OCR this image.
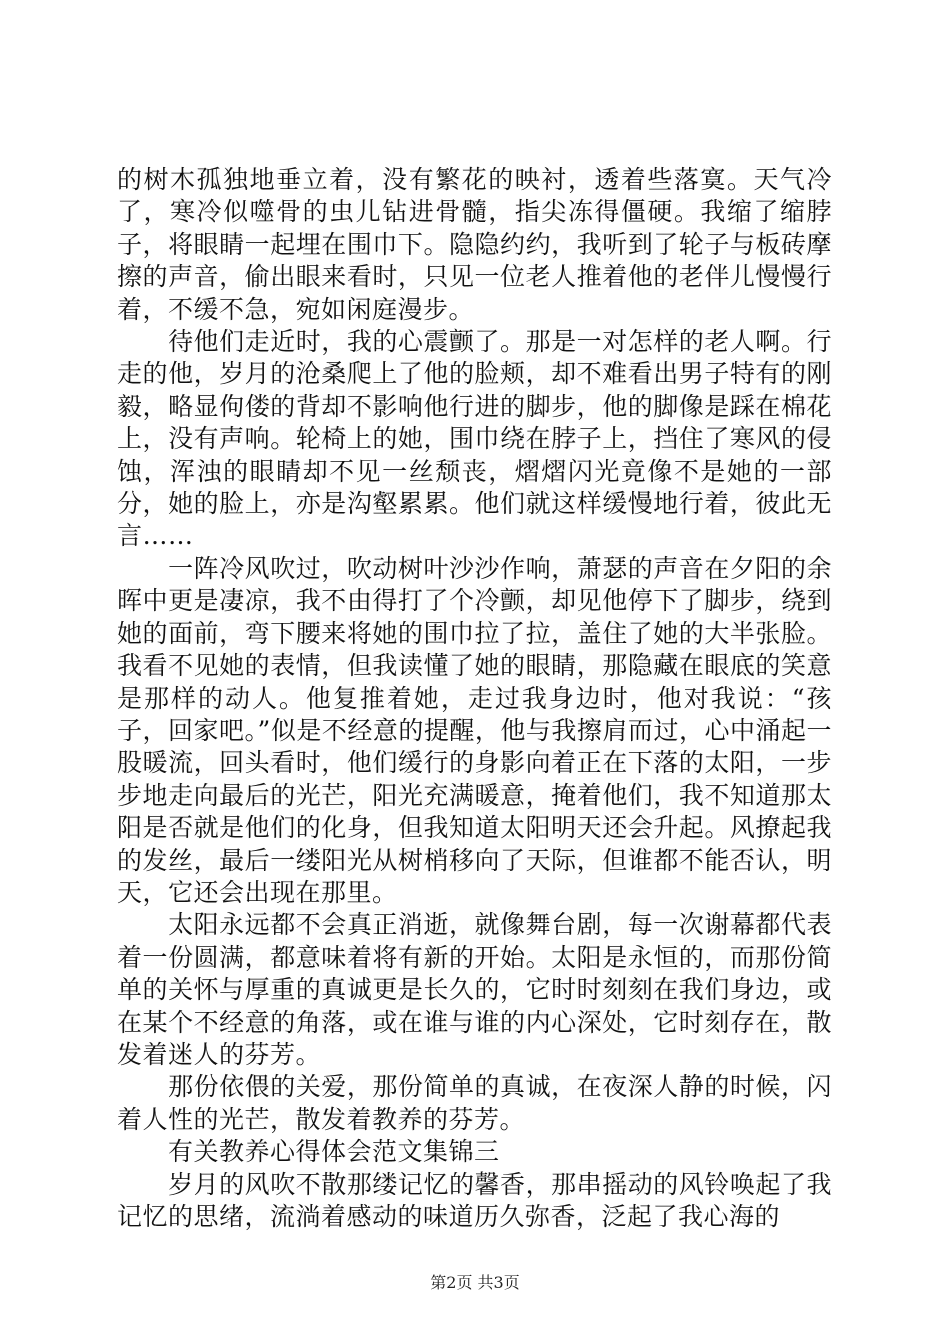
的树木孤独地垂立着，没有繁花的映衬，透着些落寞。天气冷了，寒冷似噬骨的虫儿钻进骨髓，指尖冻得僵硬。我缩了缩脖子，将眼睛一起埋在围巾下。隐隐约约，我听到了轮子与板砖摩擦的声音，偷出眼来看时，只见一位老人推着他的老伴儿慢慢行着，不缓不急，宛如闲庭漫步。

　　待他们走近时，我的心震颤了。那是一对怎样的老人啊。行走的他，岁月的沧桑爬上了他的脸颊，却不难看出男子特有的刚毅，略显佝偻的背却不影响他行进的脚步，他的脚像是踩在棉花上，没有声响。轮椅上的她，围巾绕在脖子上，挡住了寒风的侵蚀，浑浊的眼睛却不见一丝颓丧，熠熠闪光竟像不是她的一部分，她的脸上，亦是沟壑累累。他们就这样缓慢地行着，彼此无言……

　　一阵冷风吹过，吹动树叶沙沙作响，萧瑟的声音在夕阳的余晖中更是凄凉，我不由得打了个冷颤，却见他停下了脚步，绕到她的面前，弯下腰来将她的围巾拉了拉，盖住了她的大半张脸。我看不见她的表情，但我读懂了她的眼睛，那隐藏在眼底的笑意是那样的动人。他复推着她，走过我身边时，他对我说：“孩子，回家吧。”似是不经意的提醒，他与我擦肩而过，心中涌起一股暖流，回头看时，他们缓行的身影向着正在下落的太阳，一步步地走向最后的光芒，阳光充满暖意，掩着他们，我不知道那太阳是否就是他们的化身，但我知道太阳明天还会升起。风撩起我的发丝，最后一缕阳光从树梢移向了天际，但谁都不能否认，明天，它还会出现在那里。

　　太阳永远都不会真正消逝，就像舞台剧，每一次谢幕都代表着一份圆满，都意味着将有新的开始。太阳是永恒的，而那份简单的关怀与厚重的真诚更是长久的，它时时刻刻在我们身边，或在某个不经意的角落，或在谁与谁的内心深处，它时刻存在，散发着迷人的芬芳。

　　那份依偎的关爱，那份简单的真诚，在夜深人静的时候，闪着人性的光芒，散发着教养的芬芳。

　　有关教养心得体会范文集锦三

　　岁月的风吹不散那缕记忆的馨香，那串摇动的风铃唤起了我记忆的思绪，流淌着感动的味道历久弥香，泛起了我心海的

第2页 共3页
